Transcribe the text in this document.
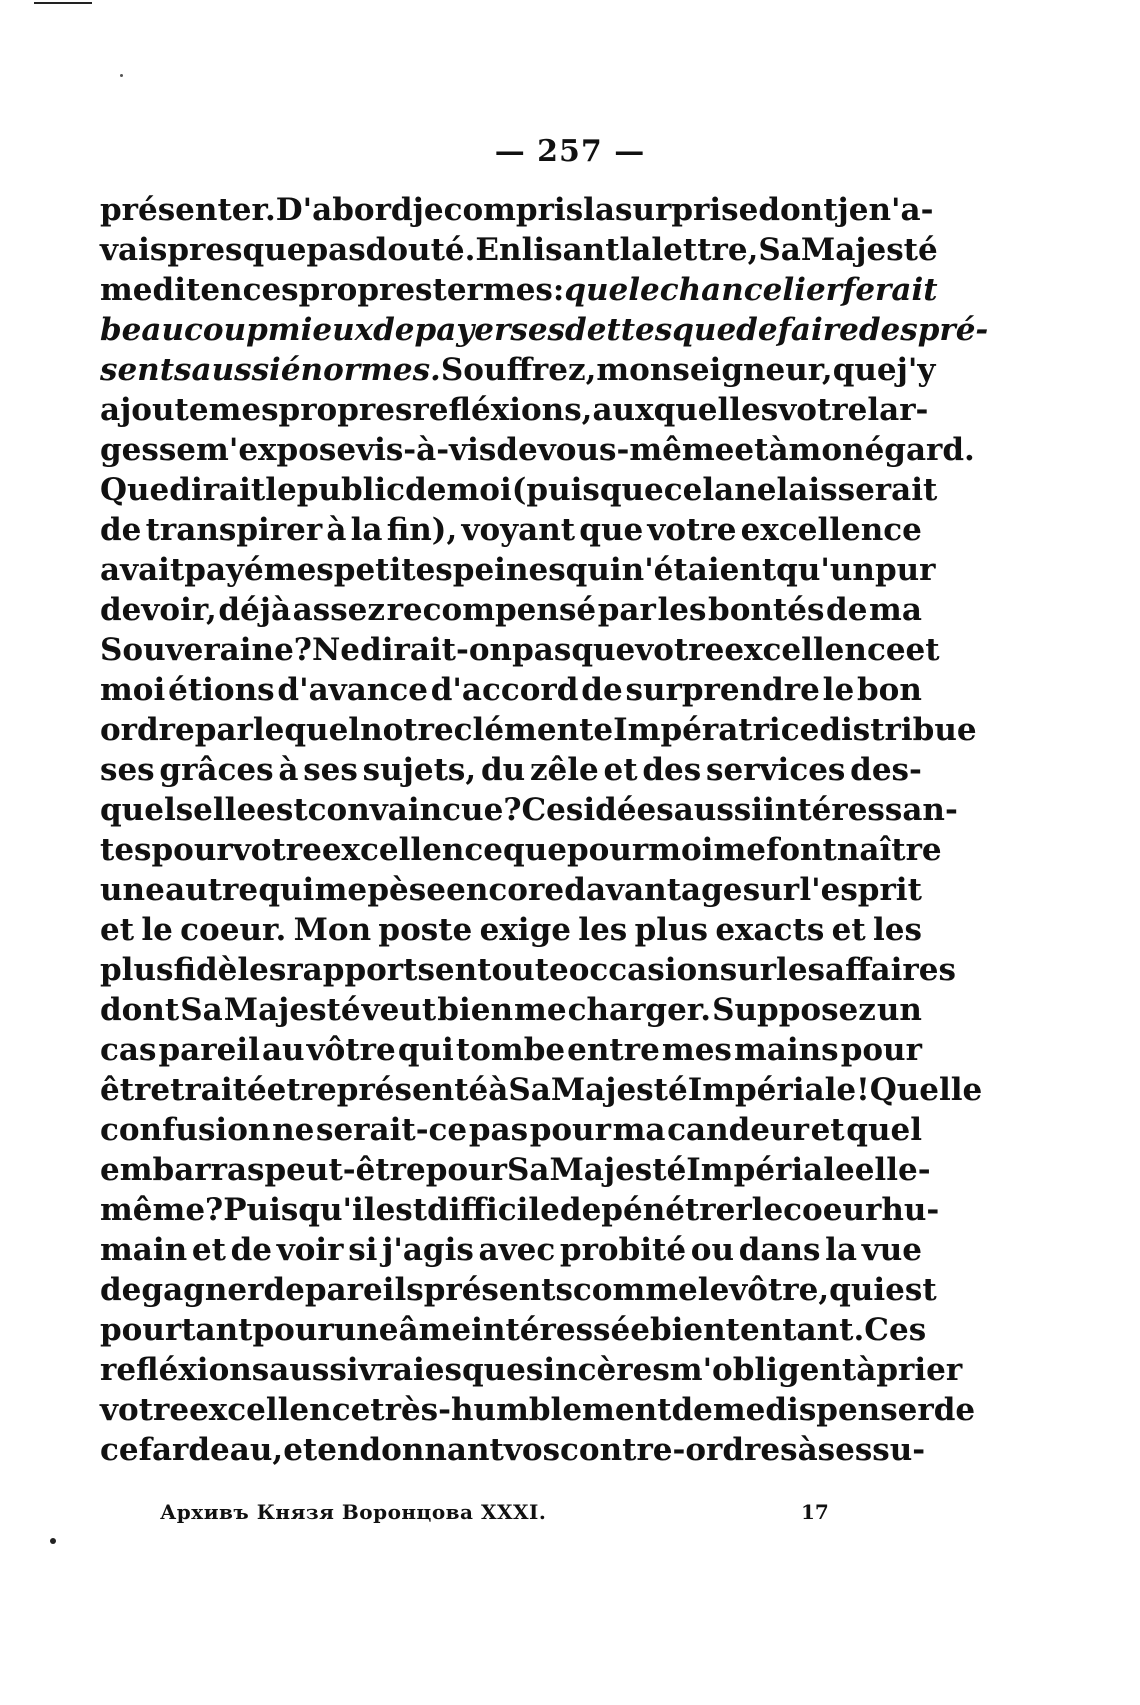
— 257 —
présenter. D'abord je compris la surprise dont je n'a-
vais presque pas douté. En lisant la lettre, Sa Majesté
me dit en ces propres termes: que le chancelier ferait
beaucoup mieux de payer ses dettes que de faire des pré-
sents aussi énormes. Souffrez, monseigneur, que j'y
ajoute mes propres refléxions, auxquelles votre lar-
gesse m'expose vis-à-vis de vous-même et à mon égard.
Que dirait le public de moi (puisque cela ne laisserait
de transpirer à la fin), voyant que votre excellence
avait payé mes petites peines qui n'étaient qu'un pur
devoir, déjà assez recompensé par les bontés de ma
Souveraine? Ne dirait-on pas que votre excellence et
moi étions d'avance d'accord de surprendre le bon
ordre par lequel notre clémente Impératrice distribue
ses grâces à ses sujets, du zêle et des services des-
quels elle est convaincue? Ces idées aussi intéressan-
tes pour votre excellence que pour moi me font naître
une autre qui me pèse encore davantage sur l'esprit
et le coeur. Mon poste exige les plus exacts et les
plus fidèles rapports en toute occasion sur les affaires
dont Sa Majesté veut bien me charger. Supposez un
cas pareil au vôtre qui tombe entre mes mains pour
être traité et représenté à Sa Majesté Impériale! Quelle
confusion ne serait-ce pas pour ma candeur et quel
embarras peut-être pour Sa Majesté Impériale elle-
même? Puisqu'il est difficile de pénétrer le coeur hu-
main et de voir si j'agis avec probité ou dans la vue
de gagner de pareils présents comme le vôtre, qui est
pourtant pour une âme intéressée bien tentant. Ces
refléxions aussi vraies que sincères m'obligent à prier
votre excellence très-humblement de me dispenser de
ce fardeau, et en donnant vos contre-ordres à ses su-
Архивъ Князя Воронцова XXXI.	17
